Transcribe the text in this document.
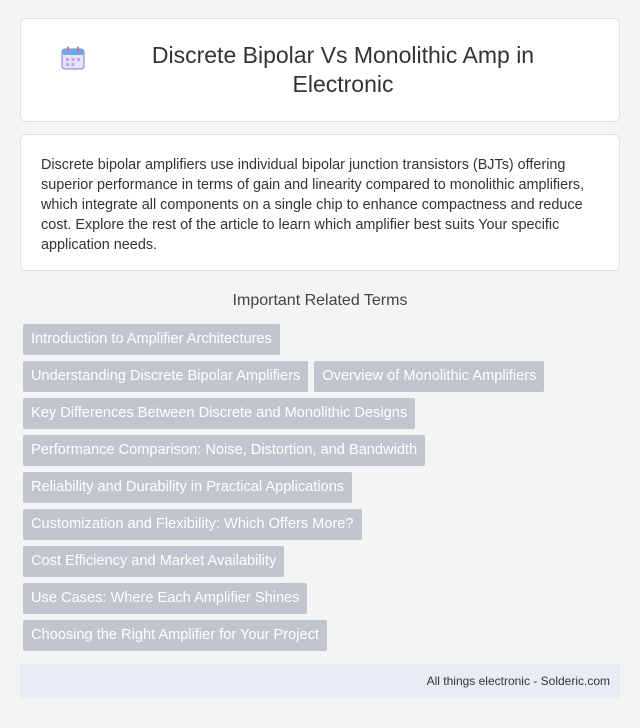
Discrete Bipolar Vs Monolithic Amp in Electronic

Discrete bipolar amplifiers use individual bipolar junction transistors (BJTs) offering superior performance in terms of gain and linearity compared to monolithic amplifiers, which integrate all components on a single chip to enhance compactness and reduce cost. Explore the rest of the article to learn which amplifier best suits Your specific application needs.

Important Related Terms
Introduction to Amplifier Architectures
Understanding Discrete Bipolar Amplifiers	Overview of Monolithic Amplifiers
Key Differences Between Discrete and Monolithic Designs
Performance Comparison: Noise, Distortion, and Bandwidth
Reliability and Durability in Practical Applications
Customization and Flexibility: Which Offers More?
Cost Efficiency and Market Availability
Use Cases: Where Each Amplifier Shines
Choosing the Right Amplifier for Your Project
All things electronic - Solderic.com
